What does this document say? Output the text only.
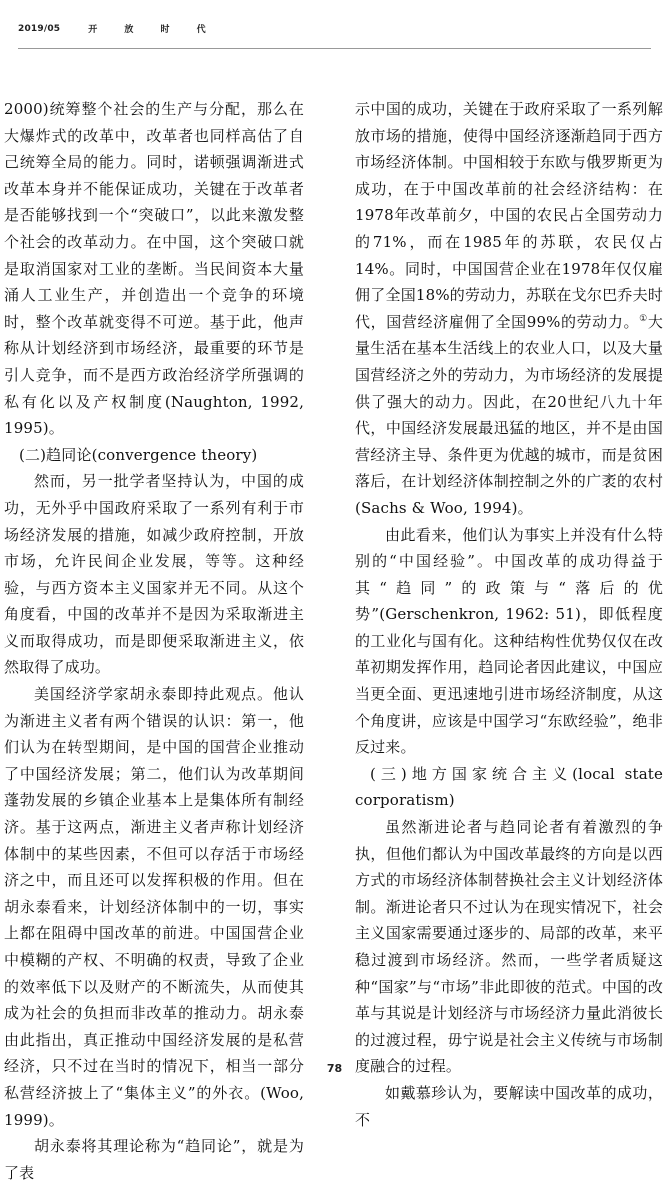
2019/05	开 放 时 代

2000)统筹整个社会的生产与分配，那么在大爆炸式的改革中，改革者也同样高估了自己统筹全局的能力。同时，诺顿强调渐进式改革本身并不能保证成功，关键在于改革者是否能够找到一个“突破口”，以此来激发整个社会的改革动力。在中国，这个突破口就是取消国家对工业的垄断。当民间资本大量涌人工业生产，并创造出一个竞争的环境时，整个改革就变得不可逆。基于此，他声称从计划经济到市场经济，最重要的环节是引人竞争，而不是西方政治经济学所强调的私有化以及产权制度(Naughton, 1992, 1995)。

(二)趋同论(convergence theory)

然而，另一批学者坚持认为，中国的成功，无外乎中国政府采取了一系列有利于市场经济发展的措施，如减少政府控制，开放市场，允许民间企业发展，等等。这种经验，与西方资本主义国家并无不同。从这个角度看，中国的改革并不是因为采取渐进主义而取得成功，而是即便采取渐进主义，依然取得了成功。

美国经济学家胡永泰即持此观点。他认为渐进主义者有两个错误的认识：第一，他们认为在转型期间，是中国的国营企业推动了中国经济发展；第二，他们认为改革期间蓬勃发展的乡镇企业基本上是集体所有制经济。基于这两点，渐进主义者声称计划经济体制中的某些因素，不但可以存活于市场经济之中，而且还可以发挥积极的作用。但在胡永泰看来，计划经济体制中的一切，事实上都在阻碍中国改革的前进。中国国营企业中模糊的产权、不明确的权责，导致了企业的效率低下以及财产的不断流失，从而使其成为社会的负担而非改革的推动力。胡永泰由此指出，真正推动中国经济发展的是私营经济，只不过在当时的情况下，相当一部分私营经济披上了“集体主义”的外衣。(Woo, 1999)。

胡永泰将其理论称为“趋同论”，就是为了表

示中国的成功，关键在于政府采取了一系列解放市场的措施，使得中国经济逐渐趋同于西方市场经济体制。中国相较于东欧与俄罗斯更为成功，在于中国改革前的社会经济结构：在1978年改革前夕，中国的农民占全国劳动力的71%，而在1985年的苏联，农民仅占14%。同时，中国国营企业在1978年仅仅雇佣了全国18%的劳动力，苏联在戈尔巴乔夫时代，国营经济雇佣了全国99%的劳动力。①大量生活在基本生活线上的农业人口，以及大量国营经济之外的劳动力，为市场经济的发展提供了强大的动力。因此，在20世纪八九十年代，中国经济发展最迅猛的地区，并不是由国营经济主导、条件更为优越的城市，而是贫困落后，在计划经济体制控制之外的广袤的农村(Sachs & Woo, 1994)。

由此看来，他们认为事实上并没有什么特别的“中国经验”。中国改革的成功得益于其“趋同”的政策与“落后的优势”(Gerschenkron, 1962: 51)，即低程度的工业化与国有化。这种结构性优势仅仅在改革初期发挥作用，趋同论者因此建议，中国应当更全面、更迅速地引进市场经济制度，从这个角度讲，应该是中国学习“东欧经验”，绝非反过来。

(三)地方国家统合主义(local state corporatism)

虽然渐进论者与趋同论者有着激烈的争执，但他们都认为中国改革最终的方向是以西方式的市场经济体制替换社会主义计划经济体制。渐进论者只不过认为在现实情况下，社会主义国家需要通过逐步的、局部的改革，来平稳过渡到市场经济。然而，一些学者质疑这种“国家”与“市场”非此即彼的范式。中国的改革与其说是计划经济与市场经济力量此消彼长的过渡过程，毋宁说是社会主义传统与市场制度融合的过程。

如戴慕珍认为，要解读中国改革的成功，不

78
